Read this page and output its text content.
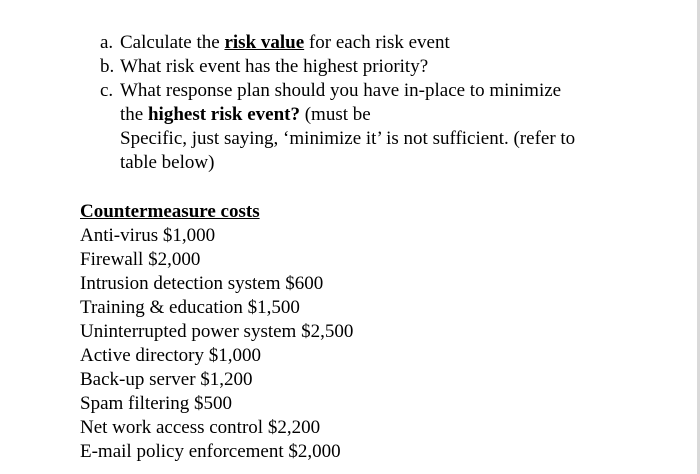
a. Calculate the risk value for each risk event
b. What risk event has the highest priority?
c. What response plan should you have in-place to minimize
the highest risk event? (must be
Specific, just saying, ‘minimize it’ is not sufficient. (refer to
table below)
Countermeasure costs
Anti-virus $1,000
Firewall $2,000
Intrusion detection system $600
Training & education $1,500
Uninterrupted power system $2,500
Active directory $1,000
Back-up server $1,200
Spam filtering $500
Net work access control $2,200
E-mail policy enforcement $2,000
